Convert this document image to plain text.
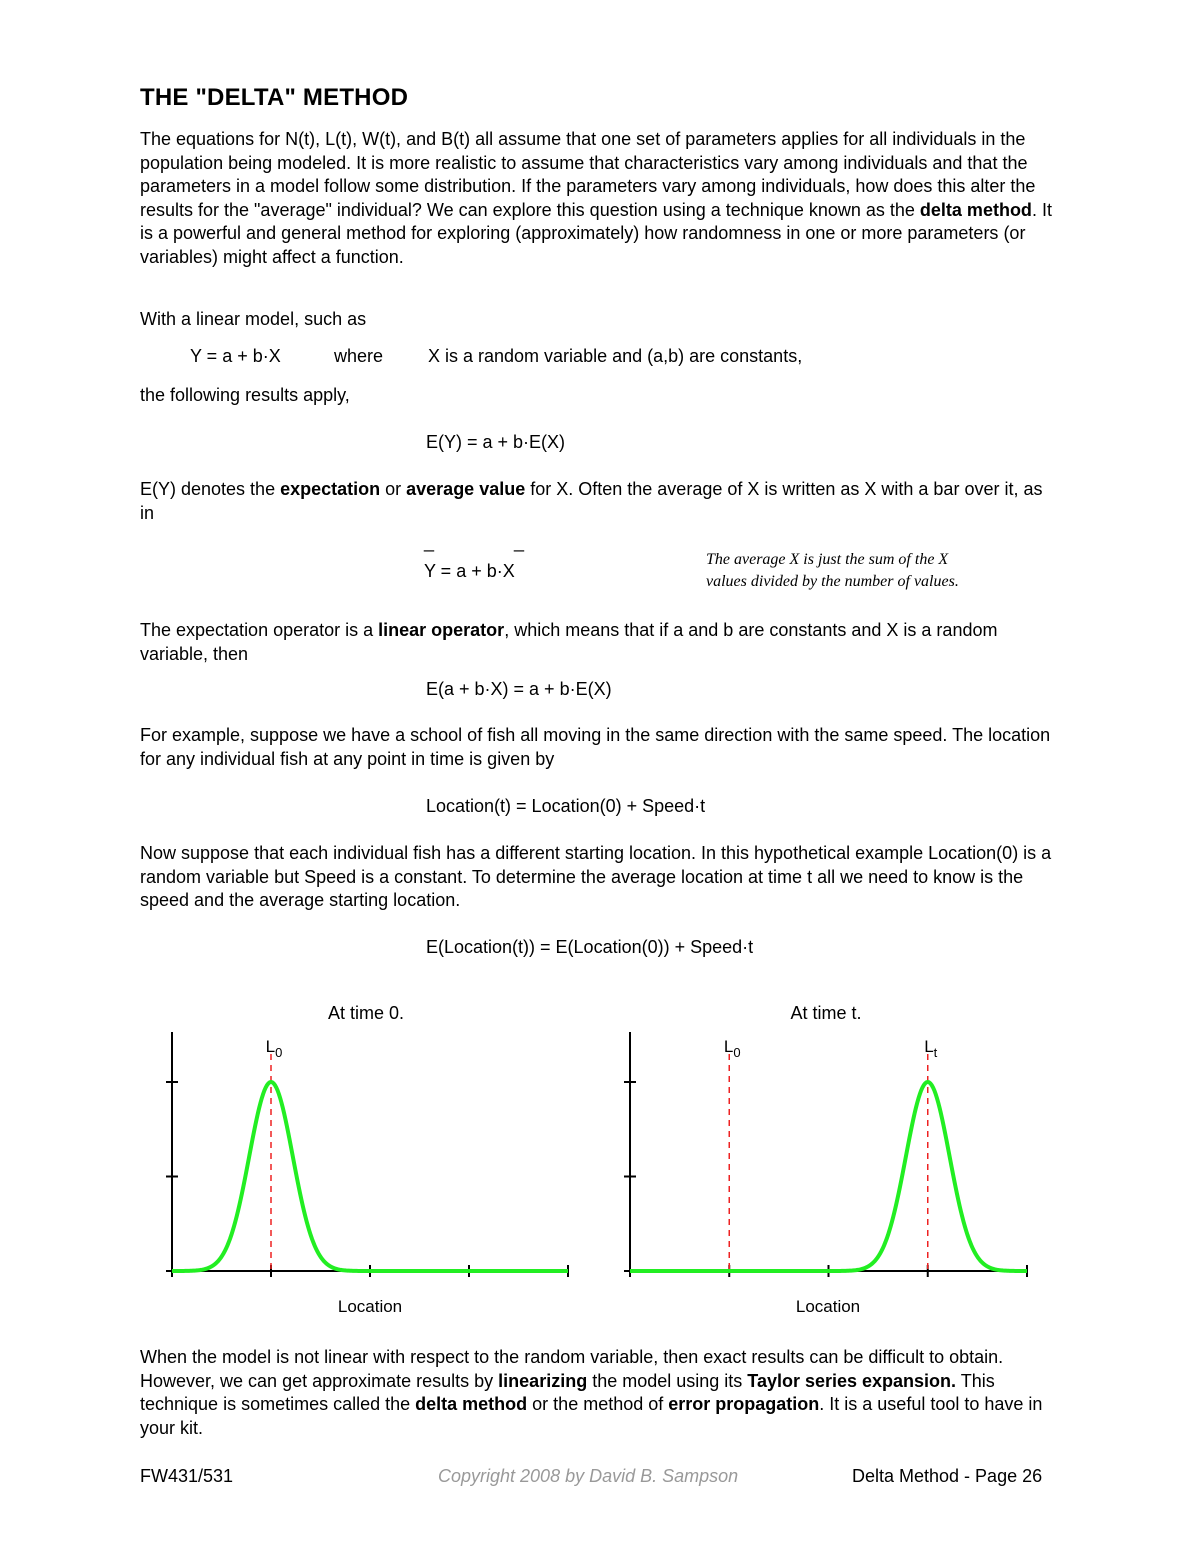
THE "DELTA" METHOD
The equations for N(t), L(t), W(t), and B(t) all assume that one set of parameters applies for all individuals in the population being modeled. It is more realistic to assume that characteristics vary among individuals and that the parameters in a model follow some distribution. If the parameters vary among individuals, how does this alter the results for the "average" individual? We can explore this question using a technique known as the delta method. It is a powerful and general method for exploring (approximately) how randomness in one or more parameters (or variables) might affect a function.
With a linear model, such as
Y = a + b·X	where X is a random variable and (a,b) are constants,
the following results apply,
E(Y) = a + b·E(X)
E(Y) denotes the expectation or average value for X. Often the average of X is written as X with a bar over it, as in
_	_
Y = a + b·X
The average X is just the sum of the X
values divided by the number of values.
The expectation operator is a linear operator, which means that if a and b are constants and X is a random variable, then
E(a + b·X) = a + b·E(X)
For example, suppose we have a school of fish all moving in the same direction with the same speed. The location for any individual fish at any point in time is given by
Location(t) = Location(0) + Speed·t
Now suppose that each individual fish has a different starting location. In this hypothetical example Location(0) is a random variable but Speed is a constant. To determine the average location at time t all we need to know is the speed and the average starting location.
E(Location(t)) = E(Location(0)) + Speed·t
At time 0.
$L_0$
Location
At time t.
$L_0$	$L_t$
Location
When the model is not linear with respect to the random variable, then exact results can be difficult to obtain. However, we can get approximate results by linearizing the model using its Taylor series expansion. This technique is sometimes called the delta method or the method of error propagation. It is a useful tool to have in your kit.
FW431/531	Copyright 2008 by David B. Sampson	Delta Method - Page 26
